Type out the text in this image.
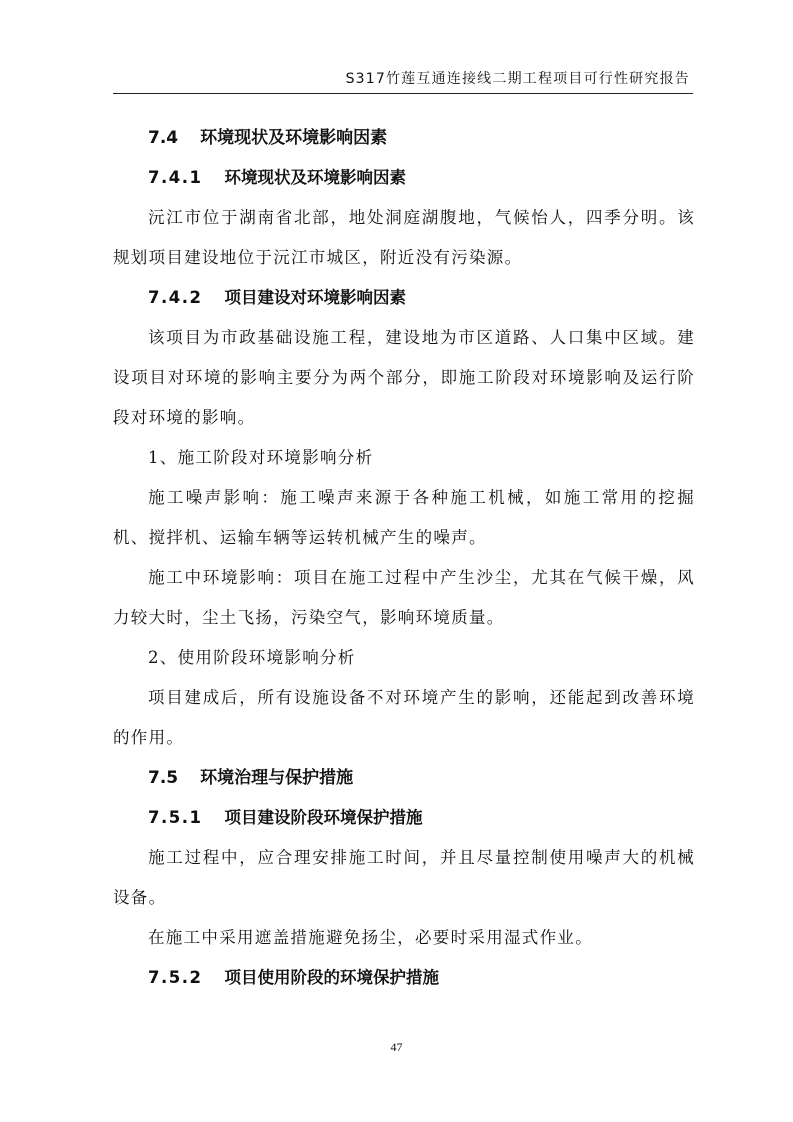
S317竹莲互通连接线二期工程项目可行性研究报告
7.4 环境现状及环境影响因素
7.4.1 环境现状及环境影响因素

沅江市位于湖南省北部，地处洞庭湖腹地，气候怡人，四季分明。该规划项目建设地位于沅江市城区，附近没有污染源。

7.4.2 项目建设对环境影响因素

该项目为市政基础设施工程，建设地为市区道路、人口集中区域。建设项目对环境的影响主要分为两个部分，即施工阶段对环境影响及运行阶段对环境的影响。

1、施工阶段对环境影响分析

施工噪声影响：施工噪声来源于各种施工机械，如施工常用的挖掘机、搅拌机、运输车辆等运转机械产生的噪声。

施工中环境影响：项目在施工过程中产生沙尘，尤其在气候干燥，风力较大时，尘土飞扬，污染空气，影响环境质量。

2、使用阶段环境影响分析

项目建成后，所有设施设备不对环境产生的影响，还能起到改善环境的作用。

7.5 环境治理与保护措施
7.5.1 项目建设阶段环境保护措施

施工过程中，应合理安排施工时间，并且尽量控制使用噪声大的机械设备。

在施工中采用遮盖措施避免扬尘，必要时采用湿式作业。

7.5.2 项目使用阶段的环境保护措施
47
